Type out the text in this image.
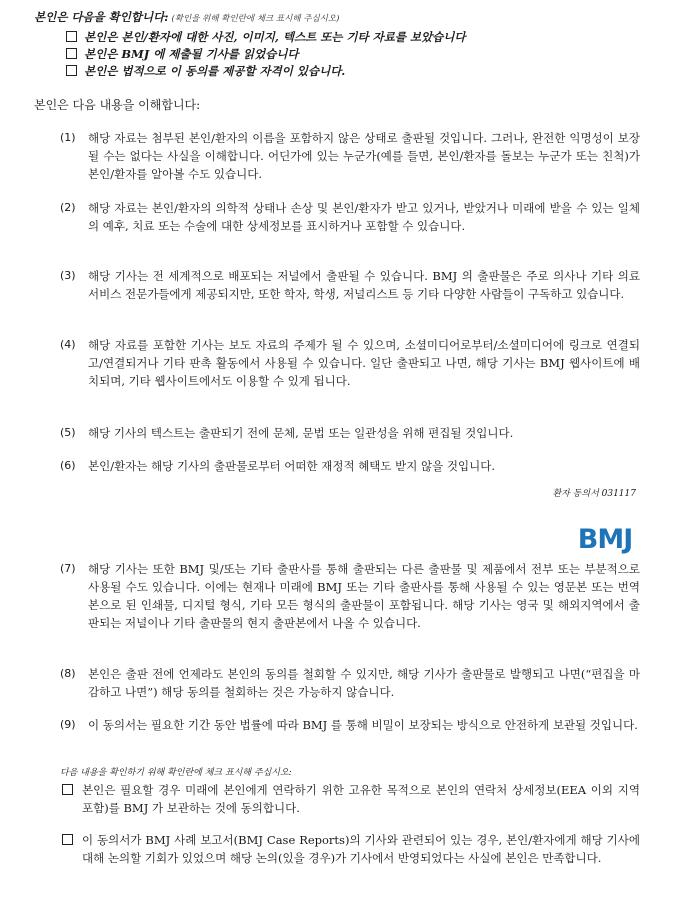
본인은 다음을 확인합니다: (확인을 위해 확인란에 체크 표시해 주십시오)
본인은 본인/환자에 대한 사진, 이미지, 텍스트 또는 기타 자료를 보았습니다
본인은 BMJ 에 제출될 기사를 읽었습니다
본인은 법적으로 이 동의를 제공할 자격이 있습니다.
본인은 다음 내용을 이해합니다:
(1) 해당 자료는 첨부된 본인/환자의 이름을 포함하지 않은 상태로 출판될 것입니다. 그러나, 완전한 익명성이 보장될 수는 없다는 사실을 이해합니다. 어딘가에 있는 누군가(예를 들면, 본인/환자를 돌보는 누군가 또는 친척)가 본인/환자를 알아볼 수도 있습니다.
(2) 해당 자료는 본인/환자의 의학적 상태나 손상 및 본인/환자가 받고 있거나, 받았거나 미래에 받을 수 있는 일체의 예후, 치료 또는 수술에 대한 상세정보를 표시하거나 포함할 수 있습니다.
(3) 해당 기사는 전 세계적으로 배포되는 저널에서 출판될 수 있습니다. BMJ 의 출판물은 주로 의사나 기타 의료 서비스 전문가들에게 제공되지만, 또한 학자, 학생, 저널리스트 등 기타 다양한 사람들이 구독하고 있습니다.
(4) 해당 자료를 포함한 기사는 보도 자료의 주제가 될 수 있으며, 소셜미디어로부터/소셜미디어에 링크로 연결되고/연결되거나 기타 판촉 활동에서 사용될 수 있습니다. 일단 출판되고 나면, 해당 기사는 BMJ 웹사이트에 배치되며, 기타 웹사이트에서도 이용할 수 있게 됩니다.
(5) 해당 기사의 텍스트는 출판되기 전에 문체, 문법 또는 일관성을 위해 편집될 것입니다.
(6) 본인/환자는 해당 기사의 출판물로부터 어떠한 재정적 혜택도 받지 않을 것입니다.
환자 동의서 031117
BMJ
(7) 해당 기사는 또한 BMJ 및/또는 기타 출판사를 통해 출판되는 다른 출판물 및 제품에서 전부 또는 부분적으로 사용될 수도 있습니다. 이에는 현재나 미래에 BMJ 또는 기타 출판사를 통해 사용될 수 있는 영문본 또는 번역본으로 된 인쇄물, 디지털 형식, 기타 모든 형식의 출판물이 포함됩니다. 해당 기사는 영국 및 해외지역에서 출판되는 저널이나 기타 출판물의 현지 출판본에서 나올 수 있습니다.
(8) 본인은 출판 전에 언제라도 본인의 동의를 철회할 수 있지만, 해당 기사가 출판물로 발행되고 나면(“편집을 마감하고 나면”) 해당 동의를 철회하는 것은 가능하지 않습니다.
(9) 이 동의서는 필요한 기간 동안 법률에 따라 BMJ 를 통해 비밀이 보장되는 방식으로 안전하게 보관될 것입니다.
다음 내용을 확인하기 위해 확인란에 체크 표시해 주십시오:
본인은 필요할 경우 미래에 본인에게 연락하기 위한 고유한 목적으로 본인의 연락처 상세정보(EEA 이외 지역 포함)를 BMJ 가 보관하는 것에 동의합니다.
이 동의서가 BMJ 사례 보고서(BMJ Case Reports)의 기사와 관련되어 있는 경우, 본인/환자에게 해당 기사에 대해 논의할 기회가 있었으며 해당 논의(있을 경우)가 기사에서 반영되었다는 사실에 본인은 만족합니다.
